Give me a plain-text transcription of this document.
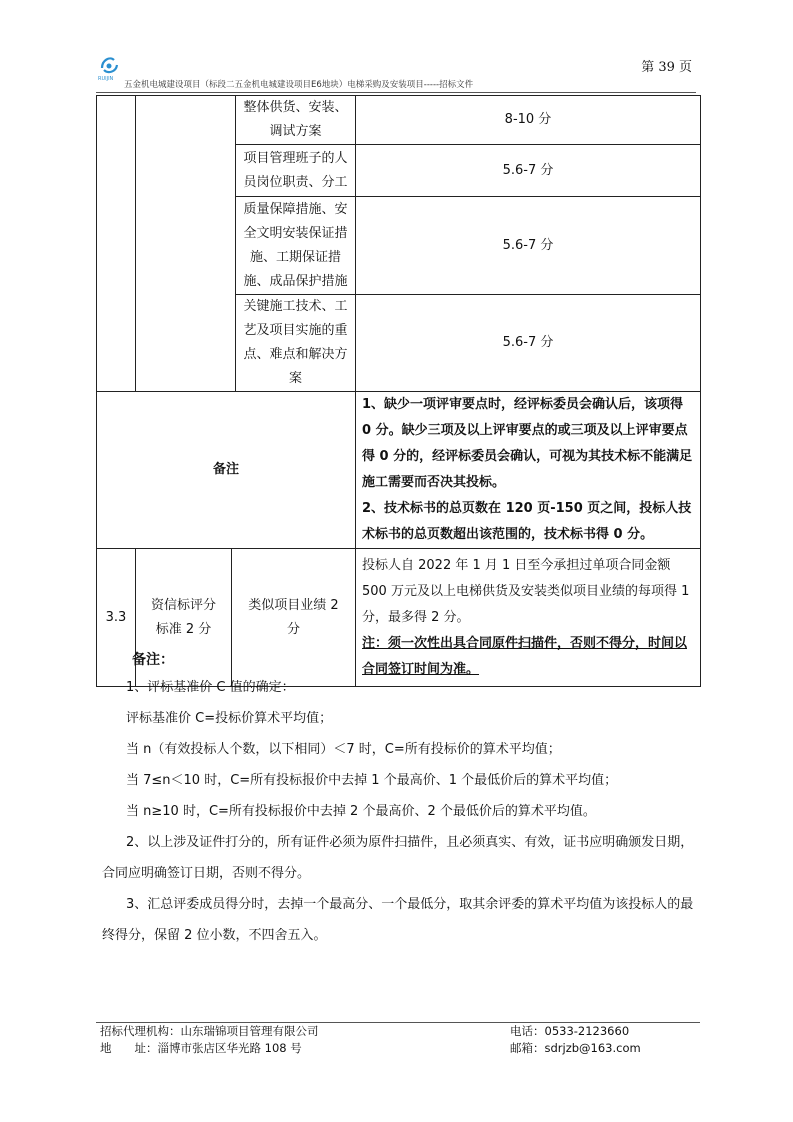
RUIJIN
第 39 页
五金机电城建设项目（标段二五金机电城建设项目E6地块）电梯采购及安装项目-----招标文件
			整体供货、安装、调试方案	8-10 分
			项目管理班子的人员岗位职责、分工	5.6-7 分
			质量保障措施、安全文明安装保证措施、工期保证措施、成品保护措施	5.6-7 分
			关键施工技术、工艺及项目实施的重点、难点和解决方案	5.6-7 分
备注				1、缺少一项评审要点时，经评标委员会确认后，该项得 0 分。缺少三项及以上评审要点的或三项及以上评审要点得 0 分的，经评标委员会确认，可视为其技术标不能满足施工需要而否决其投标。
2、技术标书的总页数在 120 页-150 页之间，投标人技术标书的总页数超出该范围的，技术标书得 0 分。

3.3	资信标评分标准 2 分	类似项目业绩 2 分		投标人自 2022 年 1 月 1 日至今承担过单项合同金额 500 万元及以上电梯供货及安装类似项目业绩的每项得 1 分，最多得 2 分。
注：须一次性出具合同原件扫描件，否则不得分，时间以合同签订时间为准。
备注：

1、评标基准价 C 值的确定：

评标基准价 C=投标价算术平均值；

当 n（有效投标人个数，以下相同）＜7 时，C=所有投标价的算术平均值；

当 7≤n＜10 时，C=所有投标报价中去掉 1 个最高价、1 个最低价后的算术平均值；

当 n≥10 时，C=所有投标报价中去掉 2 个最高价、2 个最低价后的算术平均值。

2、以上涉及证件打分的，所有证件必须为原件扫描件，且必须真实、有效，证书应明确颁发日期，合同应明确签订日期，否则不得分。

3、汇总评委成员得分时，去掉一个最高分、一个最低分，取其余评委的算术平均值为该投标人的最终得分，保留 2 位小数，不四舍五入。

招标代理机构：山东瑞锦项目管理有限公司	电话：0533-2123660
地　　址：淄博市张店区华光路 108 号	邮箱：sdrjzb@163.com
